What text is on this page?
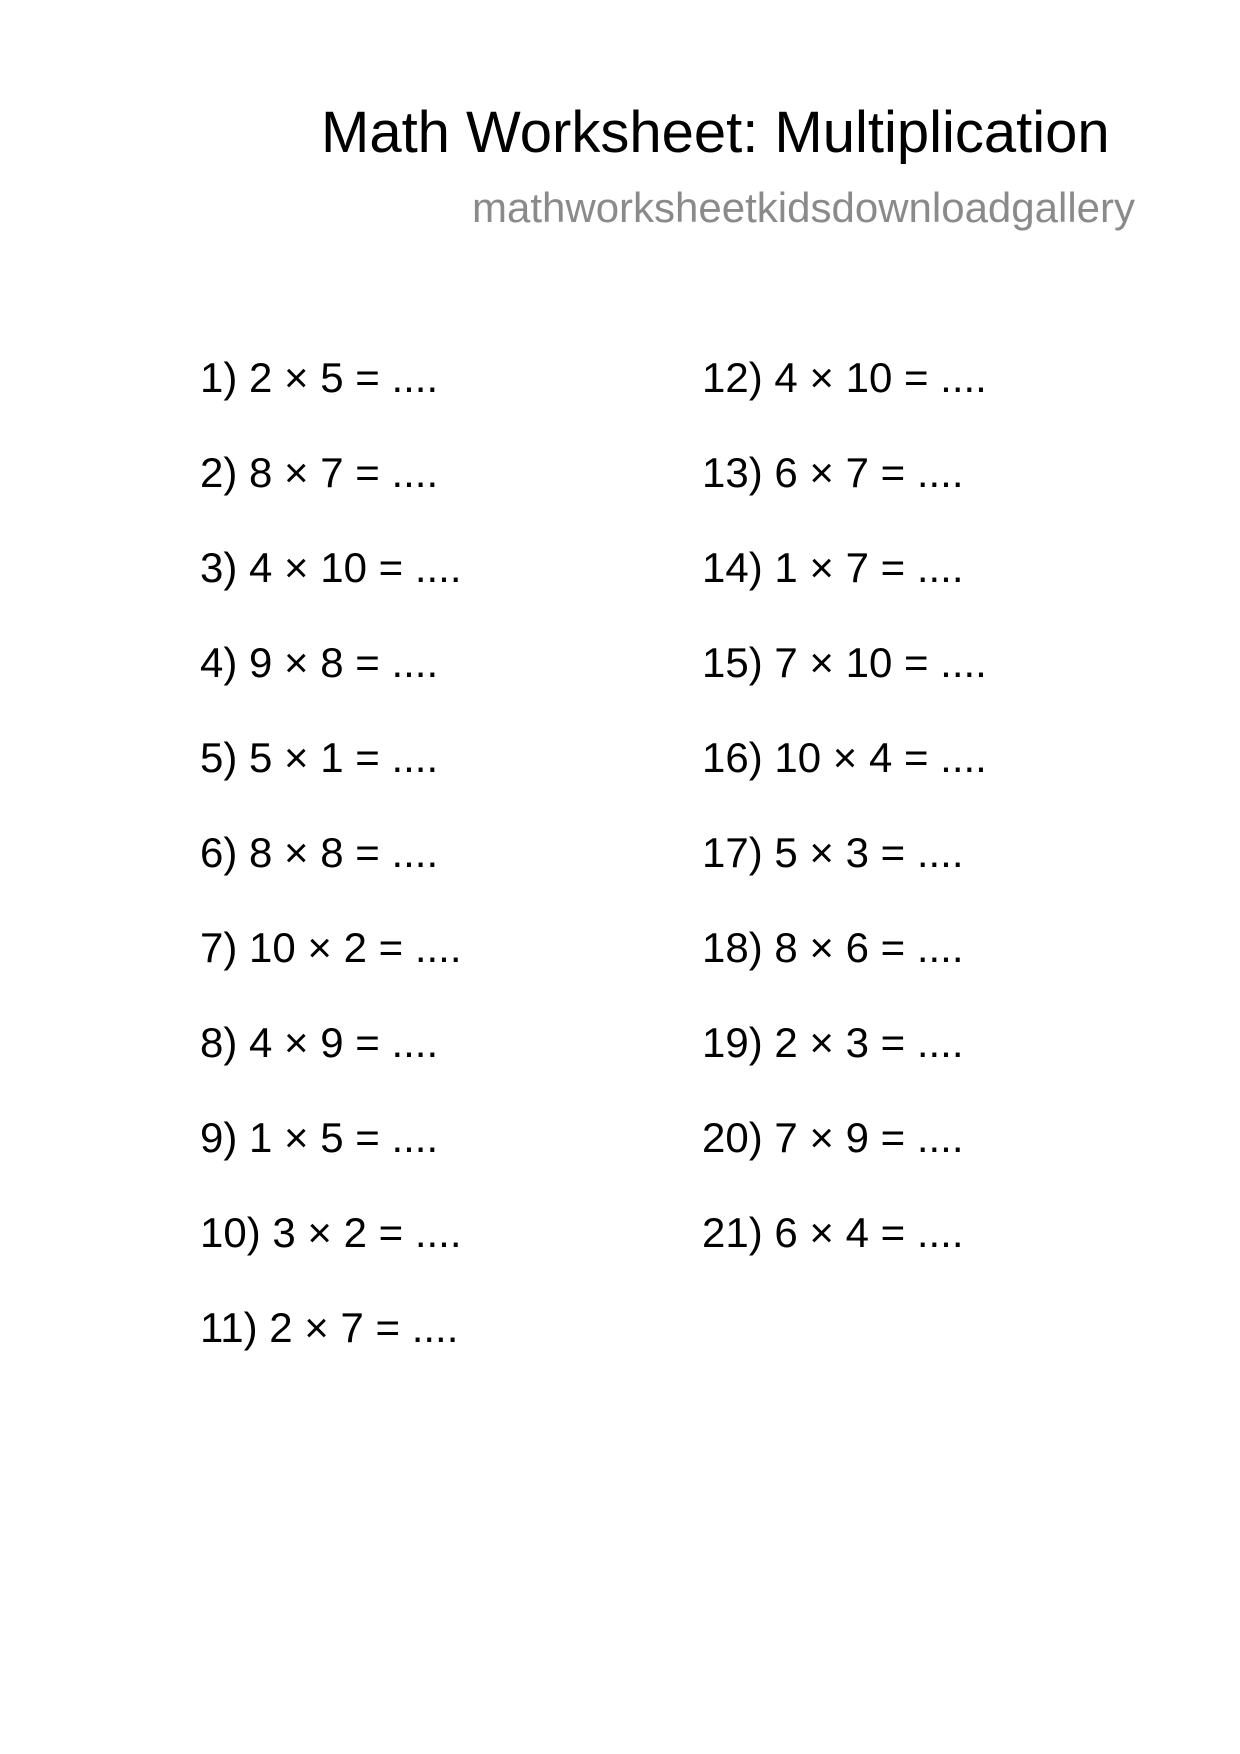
Math Worksheet: Multiplication
mathworksheetkidsdownloadgallery
1) 2 × 5 = ....
2) 8 × 7 = ....
3) 4 × 10 = ....
4) 9 × 8 = ....
5) 5 × 1 = ....
6) 8 × 8 = ....
7) 10 × 2 = ....
8) 4 × 9 = ....
9) 1 × 5 = ....
10) 3 × 2 = ....
11) 2 × 7 = ....
12) 4 × 10 = ....
13) 6 × 7 = ....
14) 1 × 7 = ....
15) 7 × 10 = ....
16) 10 × 4 = ....
17) 5 × 3 = ....
18) 8 × 6 = ....
19) 2 × 3 = ....
20) 7 × 9 = ....
21) 6 × 4 = ....
